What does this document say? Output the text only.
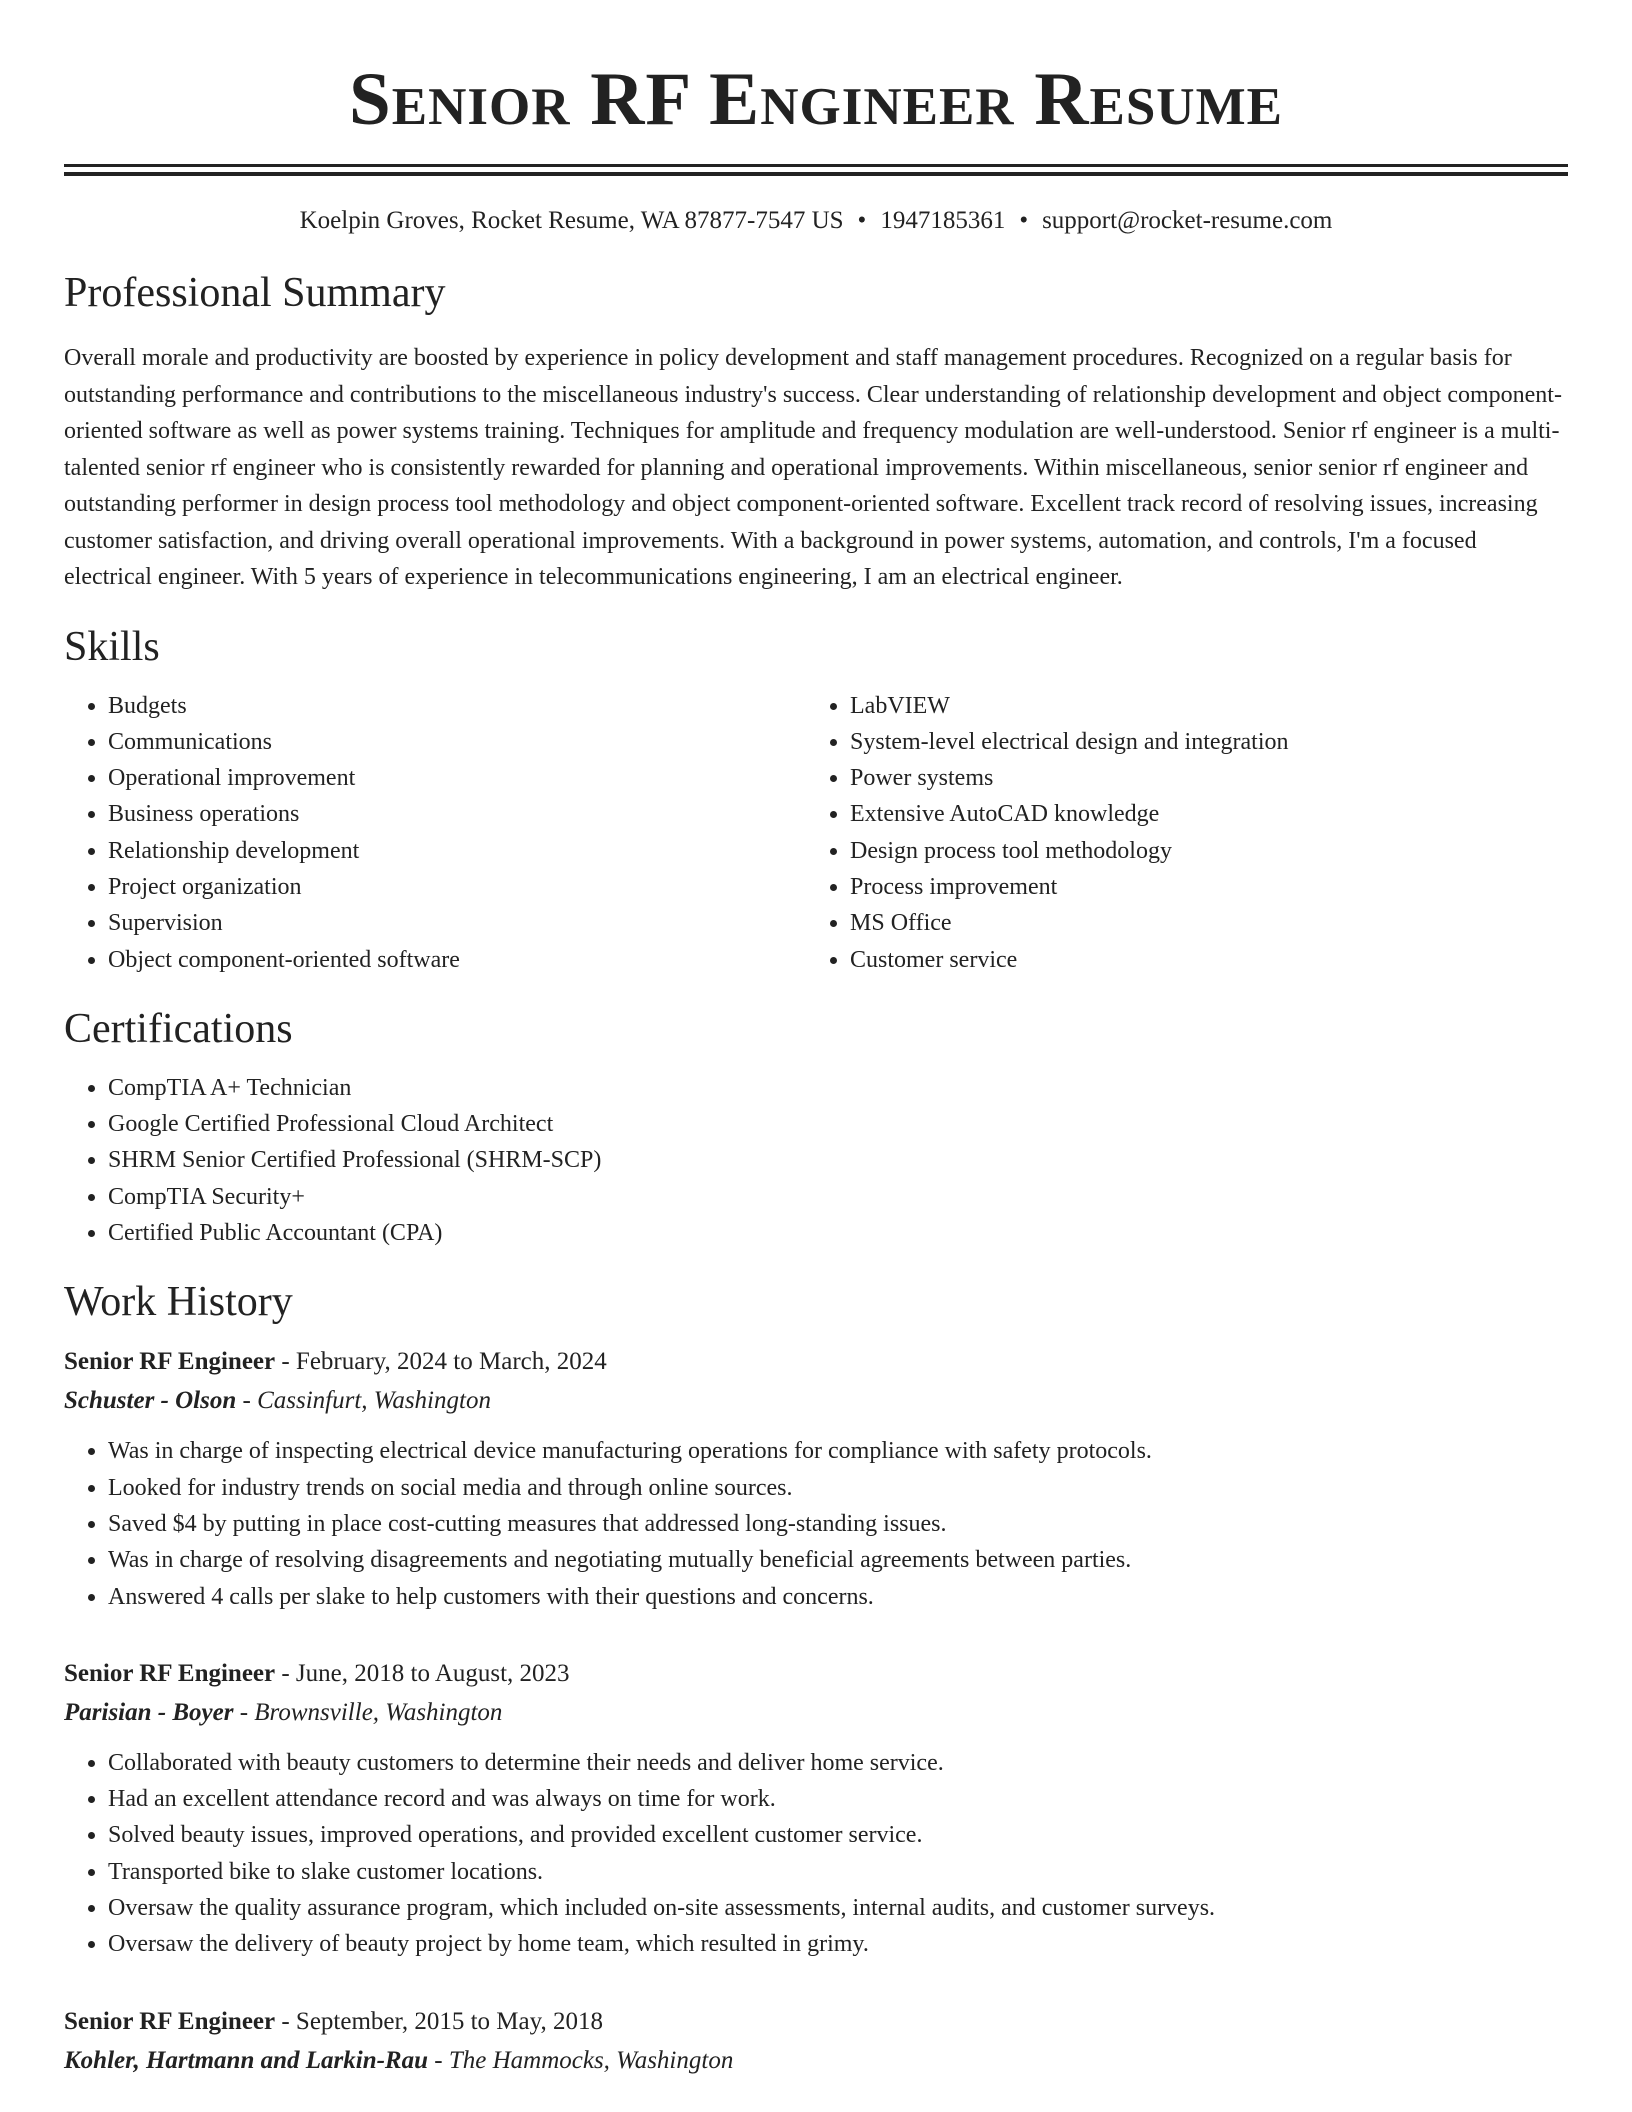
Senior RF Engineer Resume
Koelpin Groves, Rocket Resume, WA 87877-7547 US • 1947185361 • support@rocket-resume.com
Professional Summary
Overall morale and productivity are boosted by experience in policy development and staff management procedures. Recognized on a regular basis for outstanding performance and contributions to the miscellaneous industry's success. Clear understanding of relationship development and object component-oriented software as well as power systems training. Techniques for amplitude and frequency modulation are well-understood. Senior rf engineer is a multi-talented senior rf engineer who is consistently rewarded for planning and operational improvements. Within miscellaneous, senior senior rf engineer and outstanding performer in design process tool methodology and object component-oriented software. Excellent track record of resolving issues, increasing customer satisfaction, and driving overall operational improvements. With a background in power systems, automation, and controls, I'm a focused electrical engineer. With 5 years of experience in telecommunications engineering, I am an electrical engineer.
Skills
• Budgets
• Communications
• Operational improvement
• Business operations
• Relationship development
• Project organization
• Supervision
• Object component-oriented software
• LabVIEW
• System-level electrical design and integration
• Power systems
• Extensive AutoCAD knowledge
• Design process tool methodology
• Process improvement
• MS Office
• Customer service
Certifications
• CompTIA A+ Technician
• Google Certified Professional Cloud Architect
• SHRM Senior Certified Professional (SHRM-SCP)
• CompTIA Security+
• Certified Public Accountant (CPA)
Work History
Senior RF Engineer - February, 2024 to March, 2024
Schuster - Olson - Cassinfurt, Washington
• Was in charge of inspecting electrical device manufacturing operations for compliance with safety protocols.
• Looked for industry trends on social media and through online sources.
• Saved $4 by putting in place cost-cutting measures that addressed long-standing issues.
• Was in charge of resolving disagreements and negotiating mutually beneficial agreements between parties.
• Answered 4 calls per slake to help customers with their questions and concerns.
Senior RF Engineer - June, 2018 to August, 2023
Parisian - Boyer - Brownsville, Washington
• Collaborated with beauty customers to determine their needs and deliver home service.
• Had an excellent attendance record and was always on time for work.
• Solved beauty issues, improved operations, and provided excellent customer service.
• Transported bike to slake customer locations.
• Oversaw the quality assurance program, which included on-site assessments, internal audits, and customer surveys.
• Oversaw the delivery of beauty project by home team, which resulted in grimy.
Senior RF Engineer - September, 2015 to May, 2018
Kohler, Hartmann and Larkin-Rau - The Hammocks, Washington
